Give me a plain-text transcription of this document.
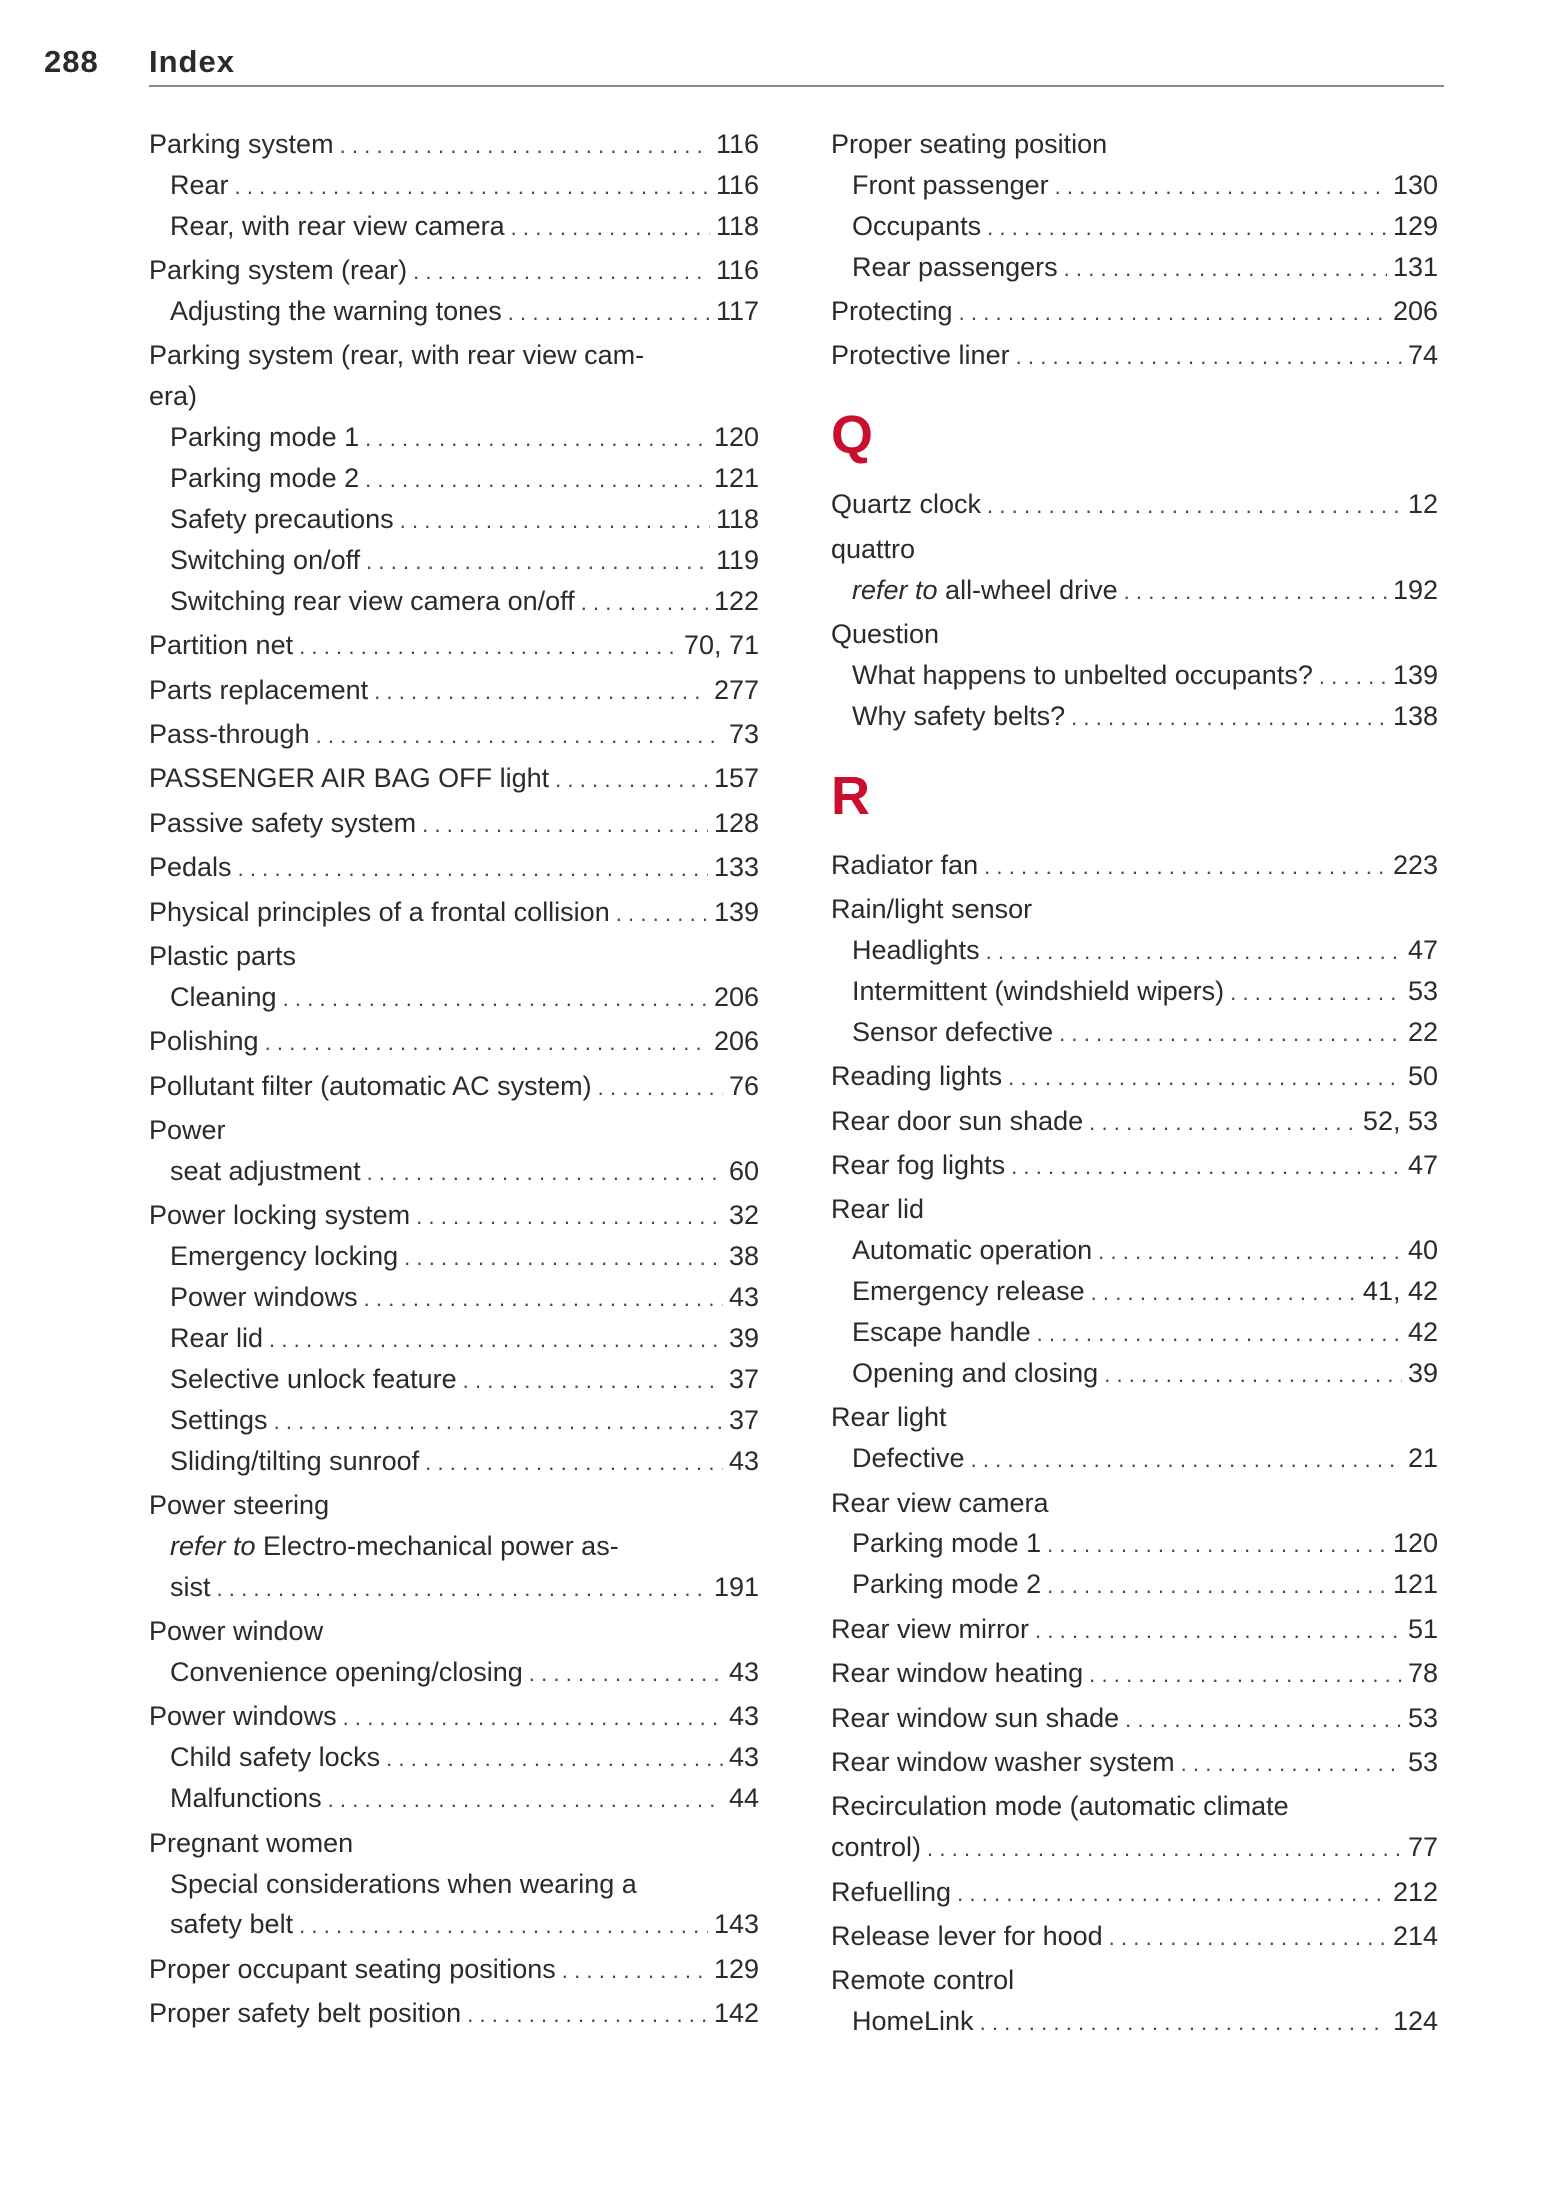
288 Index
Parking system .....	116
Rear .....	116
Rear, with rear view camera .....	118
Parking system (rear) .....	116
Adjusting the warning tones .....	117
Parking system (rear, with rear view cam-
era)
Parking mode 1 .....	120
Parking mode 2 .....	121
Safety precautions .....	118
Switching on/off .....	119
Switching rear view camera on/off .....	122
Partition net .....	70, 71
Parts replacement .....	277
Pass-through .....	73
PASSENGER AIR BAG OFF light .....	157
Passive safety system .....	128
Pedals .....	133
Physical principles of a frontal collision .....	139
Plastic parts
Cleaning .....	206
Polishing .....	206
Pollutant filter (automatic AC system) .....	76
Power
seat adjustment .....	60
Power locking system .....	32
Emergency locking .....	38
Power windows .....	43
Rear lid .....	39
Selective unlock feature .....	37
Settings .....	37
Sliding/tilting sunroof .....	43
Power steering
refer to Electro-mechanical power as-
sist .....	191
Power window
Convenience opening/closing .....	43
Power windows .....	43
Child safety locks .....	43
Malfunctions .....	44
Pregnant women
Special considerations when wearing a
safety belt .....	143
Proper occupant seating positions .....	129
Proper safety belt position .....	142
Proper seating position
Front passenger .....	130
Occupants .....	129
Rear passengers .....	131
Protecting .....	206
Protective liner .....	74
Q
Quartz clock .....	12
quattro
refer to all-wheel drive .....	192
Question
What happens to unbelted occupants? .....	139
Why safety belts? .....	138
R
Radiator fan .....	223
Rain/light sensor
Headlights .....	47
Intermittent (windshield wipers) .....	53
Sensor defective .....	22
Reading lights .....	50
Rear door sun shade .....	52, 53
Rear fog lights .....	47
Rear lid
Automatic operation .....	40
Emergency release .....	41, 42
Escape handle .....	42
Opening and closing .....	39
Rear light
Defective .....	21
Rear view camera
Parking mode 1 .....	120
Parking mode 2 .....	121
Rear view mirror .....	51
Rear window heating .....	78
Rear window sun shade .....	53
Rear window washer system .....	53
Recirculation mode (automatic climate
control) .....	77
Refuelling .....	212
Release lever for hood .....	214
Remote control
HomeLink .....	124
